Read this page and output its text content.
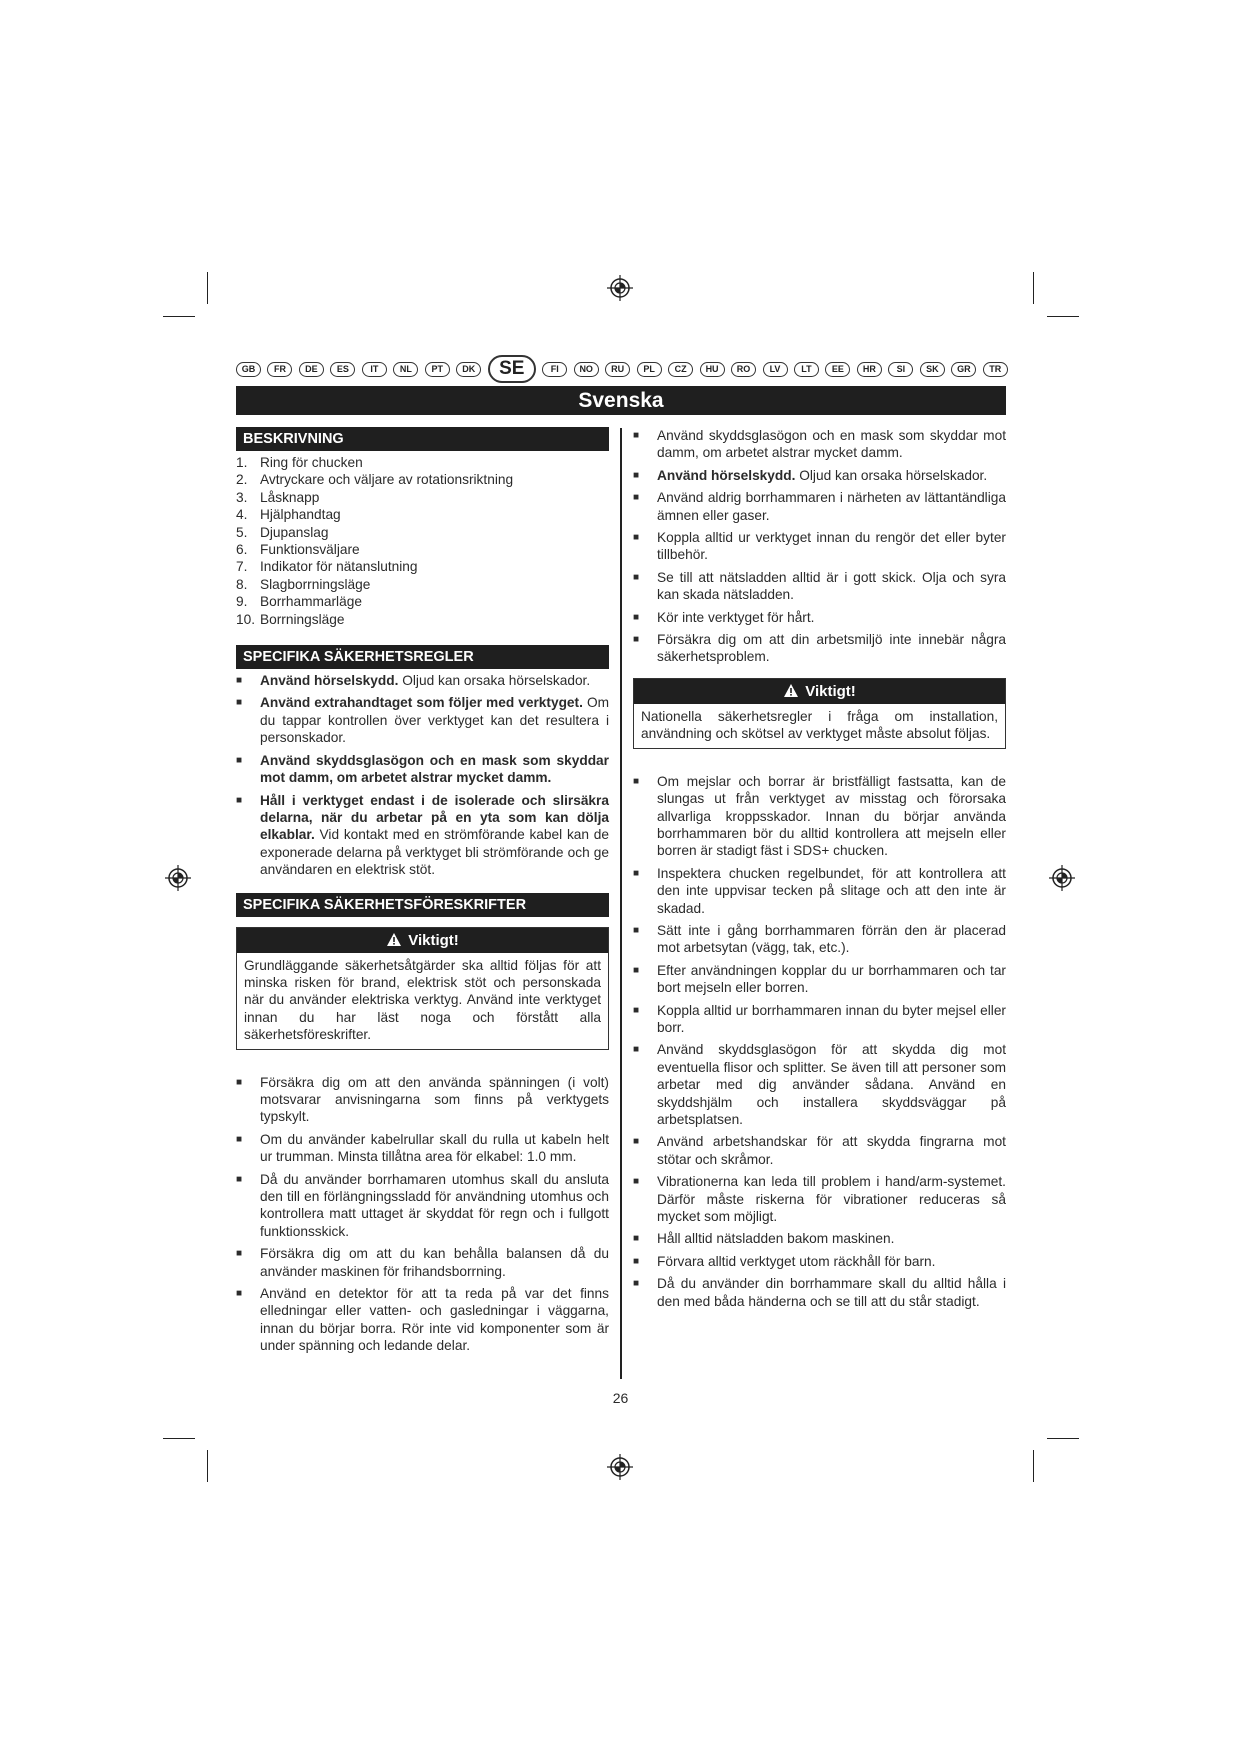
GB	FR	DE	ES	IT	NL	PT	DK	SE	FI	NO	RU	PL	CZ	HU	RO	LV	LT	EE	HR	SI	SK	GR	TR
Svenska
BESKRIVNING
1. Ring för chucken
2. Avtryckare och väljare av rotationsriktning
3. Låsknapp
4. Hjälphandtag
5. Djupanslag
6. Funktionsväljare
7. Indikator för nätanslutning
8. Slagborrningsläge
9. Borrhammarläge
10. Borrningsläge
SPECIFIKA SÄKERHETSREGLER
■	Använd hörselskydd. Oljud kan orsaka hörselskador.
■	Använd extrahandtaget som följer med verktyget. Om du tappar kontrollen över verktyget kan det resultera i personskador.
■	Använd skyddsglasögon och en mask som skyddar mot damm, om arbetet alstrar mycket damm.
■	Håll i verktyget endast i de isolerade och slirsäkra delarna, när du arbetar på en yta som kan dölja elkablar. Vid kontakt med en strömförande kabel kan de exponerade delarna på verktyget bli strömförande och ge användaren en elektrisk stöt.
SPECIFIKA SÄKERHETSFÖRESKRIFTER
Viktigt!
Grundläggande säkerhetsåtgärder ska alltid följas för att minska risken för brand, elektrisk stöt och personskada när du använder elektriska verktyg. Använd inte verktyget innan du har läst noga och förstått alla säkerhetsföreskrifter.
■	Försäkra dig om att den använda spänningen (i volt) motsvarar anvisningarna som finns på verktygets typskylt.
■	Om du använder kabelrullar skall du rulla ut kabeln helt ur trumman. Minsta tillåtna area för elkabel: 1.0 mm.
■	Då du använder borrhamaren utomhus skall du ansluta den till en förlängningssladd för användning utomhus och kontrollera matt uttaget är skyddat för regn och i fullgott funktionsskick.
■	Försäkra dig om att du kan behålla balansen då du använder maskinen för frihandsborrning.
■	Använd en detektor för att ta reda på var det finns elledningar eller vatten- och gasledningar i väggarna, innan du börjar borra. Rör inte vid komponenter som är under spänning och ledande delar.
■	Använd skyddsglasögon och en mask som skyddar mot damm, om arbetet alstrar mycket damm.
■	Använd hörselskydd. Oljud kan orsaka hörselskador.
■	Använd aldrig borrhammaren i närheten av lättantändliga ämnen eller gaser.
■	Koppla alltid ur verktyget innan du rengör det eller byter tillbehör.
■	Se till att nätsladden alltid är i gott skick. Olja och syra kan skada nätsladden.
■	Kör inte verktyget för hårt.
■	Försäkra dig om att din arbetsmiljö inte innebär några säkerhetsproblem.
Viktigt!
Nationella säkerhetsregler i fråga om installation, användning och skötsel av verktyget måste absolut följas.
■	Om mejslar och borrar är bristfälligt fastsatta, kan de slungas ut från verktyget av misstag och förorsaka allvarliga kroppsskador. Innan du börjar använda borrhammaren bör du alltid kontrollera att mejseln eller borren är stadigt fäst i SDS+ chucken.
■	Inspektera chucken regelbundet, för att kontrollera att den inte uppvisar tecken på slitage och att den inte är skadad.
■	Sätt inte i gång borrhammaren förrän den är placerad mot arbetsytan (vägg, tak, etc.).
■	Efter användningen kopplar du ur borrhammaren och tar bort mejseln eller borren.
■	Koppla alltid ur borrhammaren innan du byter mejsel eller borr.
■	Använd skyddsglasögon för att skydda dig mot eventuella flisor och splitter. Se även till att personer som arbetar med dig använder sådana. Använd en skyddshjälm och installera skyddsväggar på arbetsplatsen.
■	Använd arbetshandskar för att skydda fingrarna mot stötar och skråmor.
■	Vibrationerna kan leda till problem i hand/arm-systemet. Därför måste riskerna för vibrationer reduceras så mycket som möjligt.
■	Håll alltid nätsladden bakom maskinen.
■	Förvara alltid verktyget utom räckhåll för barn.
■	Då du använder din borrhammare skall du alltid hålla i den med båda händerna och se till att du står stadigt.
26
